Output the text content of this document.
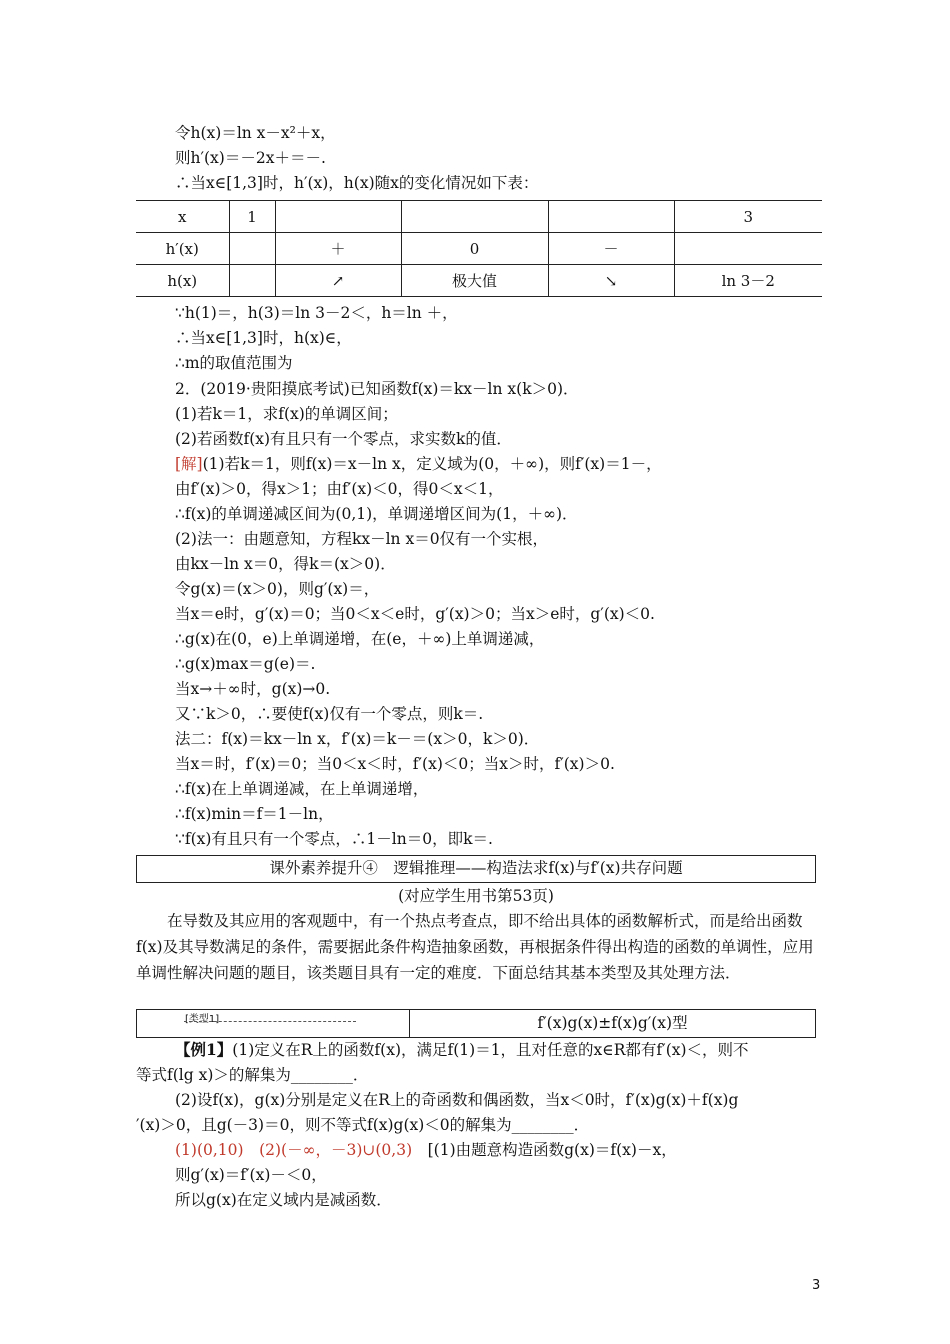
令h(x)＝ln x－x²＋x，
则h′(x)＝－2x＋＝－.
∴当x∈[1,3]时，h′(x)，h(x)随x的变化情况如下表：
x	1				3
h′(x)		＋	0	－	
h(x)		↗	极大值	↘	ln 3－2
∵h(1)＝，h(3)＝ln 3－2＜，h＝ln ＋，
∴当x∈[1,3]时，h(x)∈，
∴m的取值范围为
2．(2019·贵阳摸底考试)已知函数f(x)＝kx－ln x(k＞0)．
(1)若k＝1，求f(x)的单调区间；
(2)若函数f(x)有且只有一个零点，求实数k的值．
[解](1)若k＝1，则f(x)＝x－ln x，定义域为(0，＋∞)，则f′(x)＝1－，
由f′(x)＞0，得x＞1；由f′(x)＜0，得0＜x＜1，
∴f(x)的单调递减区间为(0,1)，单调递增区间为(1，＋∞)．
(2)法一：由题意知，方程kx－ln x＝0仅有一个实根，
由kx－ln x＝0，得k＝(x＞0)．
令g(x)＝(x＞0)，则g′(x)＝，
当x＝e时，g′(x)＝0；当0＜x＜e时，g′(x)＞0；当x＞e时，g′(x)＜0.
∴g(x)在(0，e)上单调递增，在(e，＋∞)上单调递减，
∴g(x)max＝g(e)＝.
当x→＋∞时，g(x)→0.
又∵k＞0，∴要使f(x)仅有一个零点，则k＝.
法二：f(x)＝kx－ln x，f′(x)＝k－＝(x＞0，k＞0)．
当x＝时，f′(x)＝0；当0＜x＜时，f′(x)＜0；当x＞时，f′(x)＞0.
∴f(x)在上单调递减，在上单调递增，
∴f(x)min＝f＝1－ln，
∵f(x)有且只有一个零点，∴1－ln＝0，即k＝.
课外素养提升④　逻辑推理——构造法求f(x)与f′(x)共存问题
(对应学生用书第53页)
在导数及其应用的客观题中，有一个热点考查点，即不给出具体的函数解析式，而是给出函数f(x)及其导数满足的条件，需要据此条件构造抽象函数，再根据条件得出构造的函数的单调性，应用单调性解决问题的题目，该类题目具有一定的难度．下面总结其基本类型及其处理方法．
[类型1]	f′(x)g(x)±f(x)g′(x)型
【例1】(1)定义在R上的函数f(x)，满足f(1)＝1，且对任意的x∈R都有f′(x)＜，则不
等式f(lg x)＞的解集为________．
(2)设f(x)，g(x)分别是定义在R上的奇函数和偶函数，当x＜0时，f′(x)g(x)＋f(x)g
′(x)＞0，且g(－3)＝0，则不等式f(x)g(x)＜0的解集为________．
(1)(0,10)  (2)(－∞，－3)∪(0,3)  [(1)由题意构造函数g(x)＝f(x)－x，
则g′(x)＝f′(x)－＜0，
所以g(x)在定义域内是减函数．
3
